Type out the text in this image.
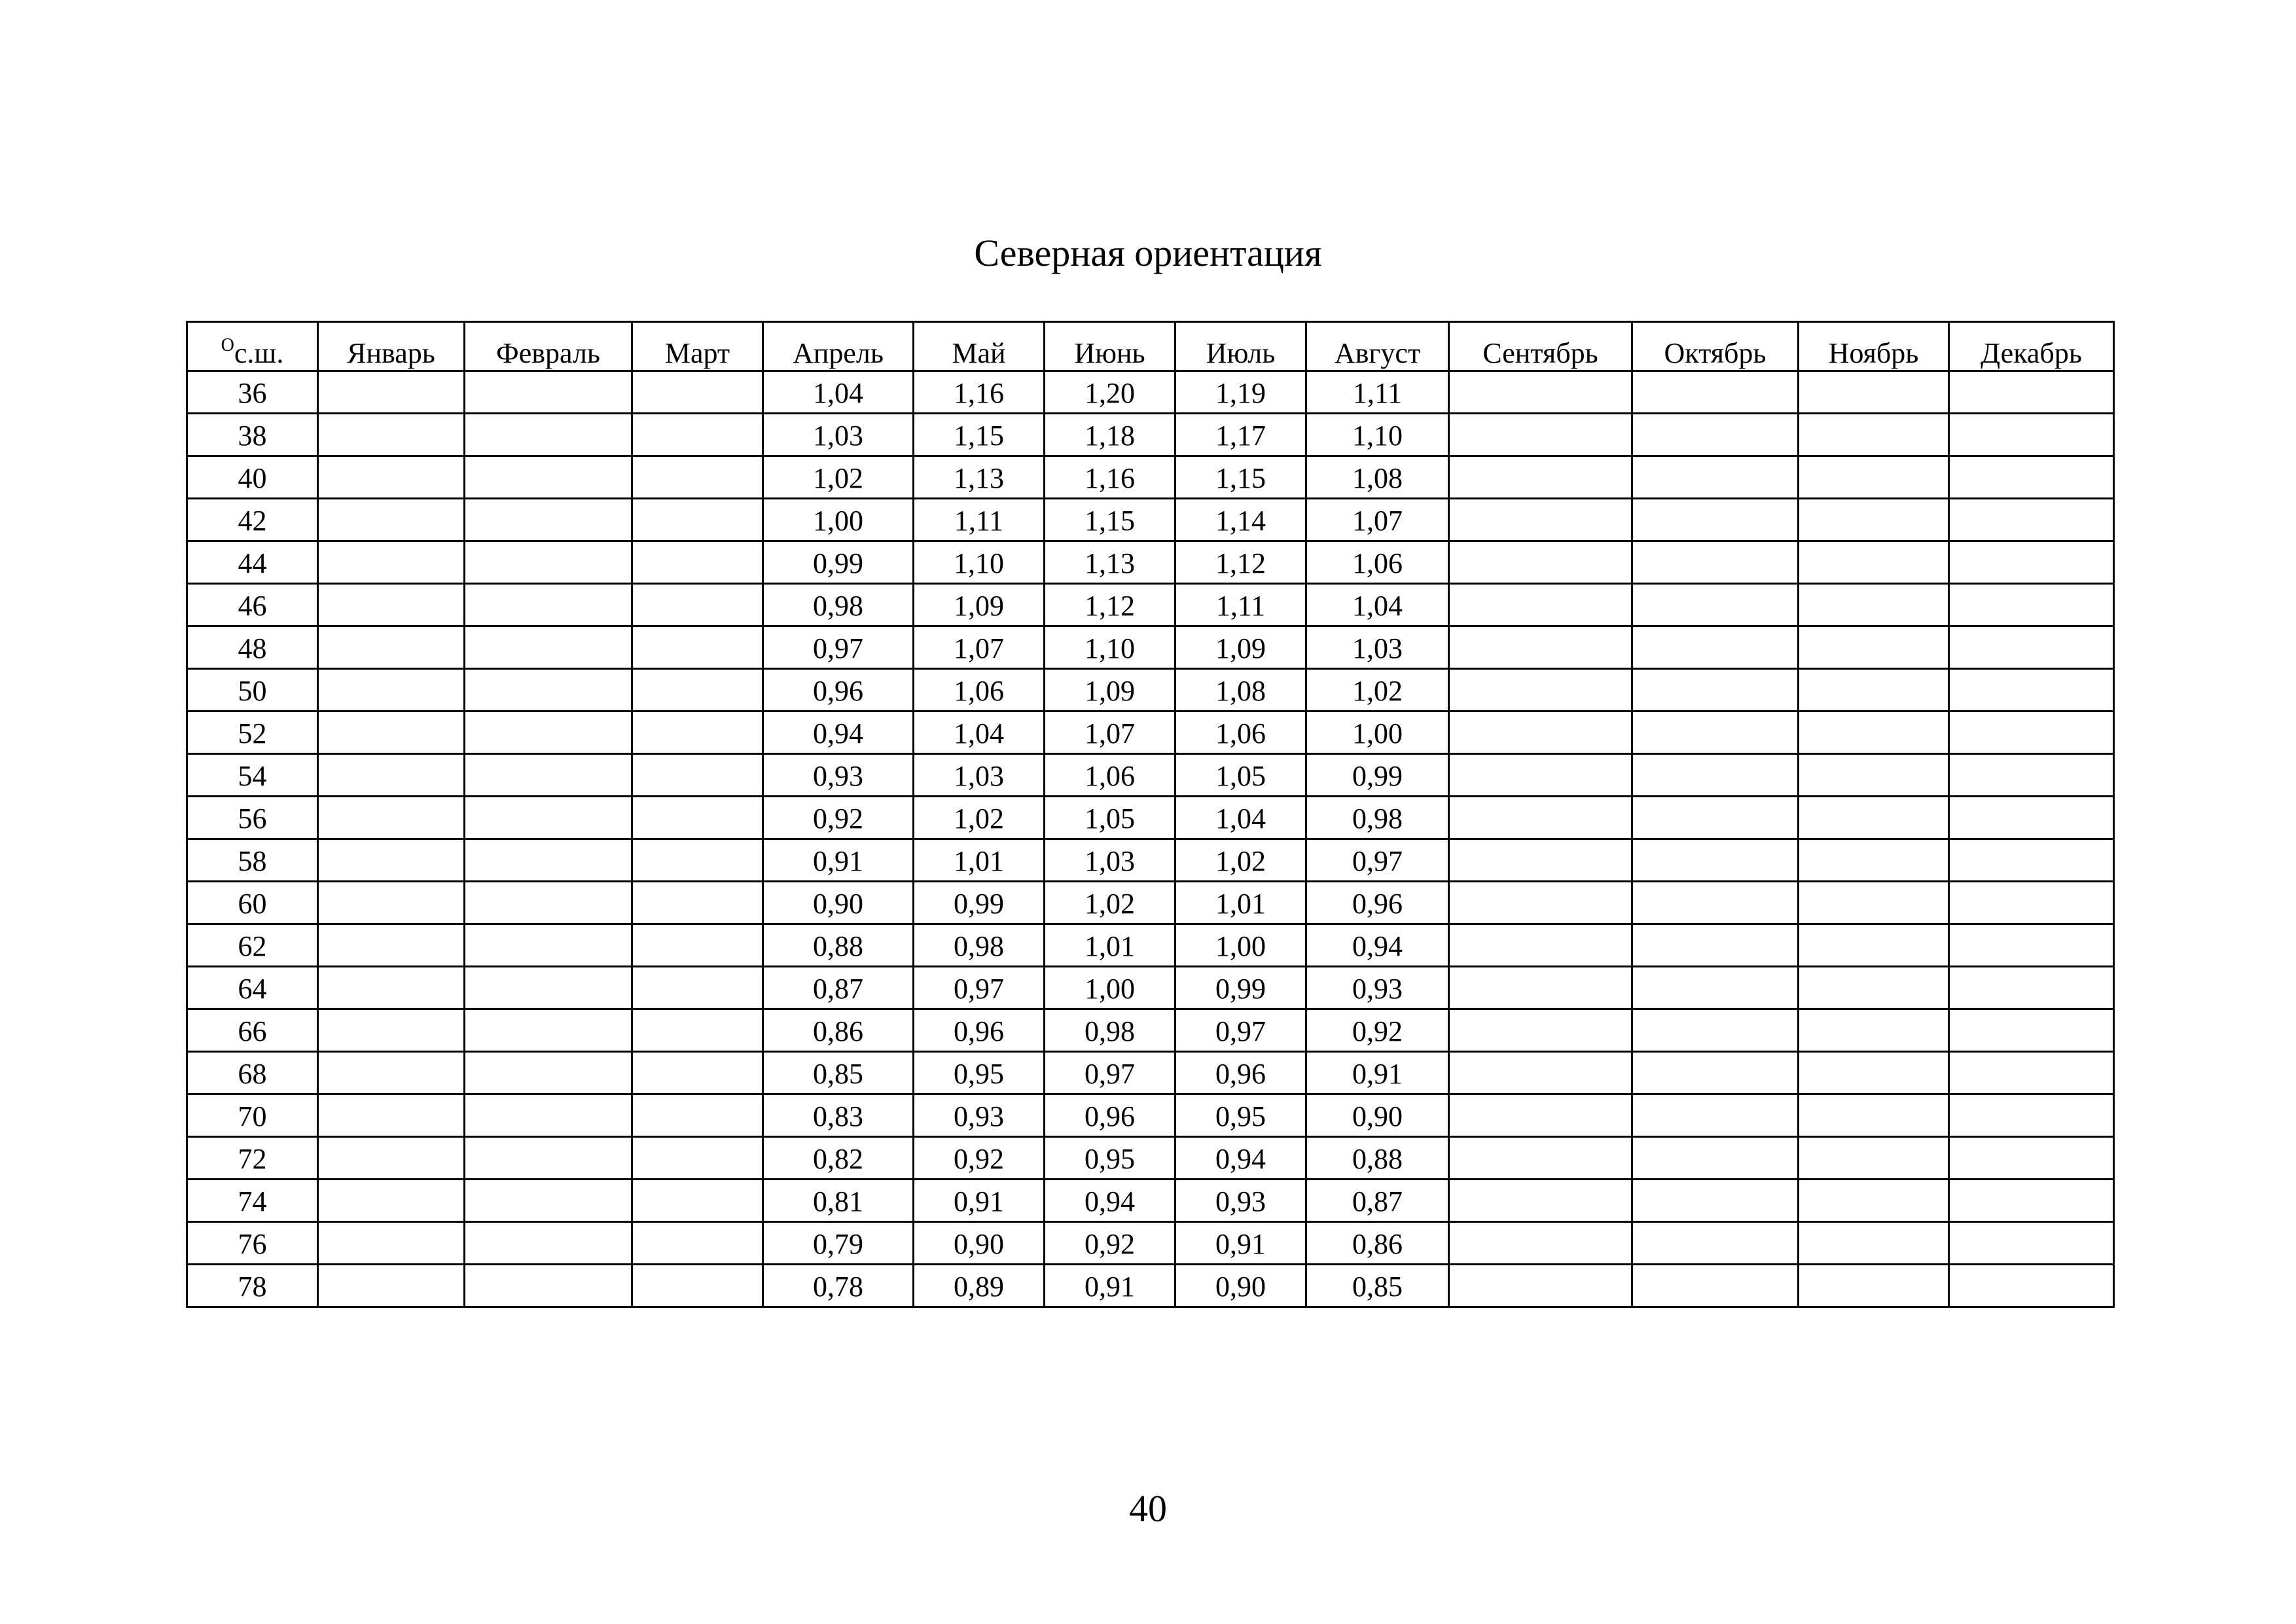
Северная ориентация
$^O$с.ш.	Январь	Февраль	Март	Апрель	Май	Июнь	Июль	Август	Сентябрь	Октябрь	Ноябрь	Декабрь
36				1,04	1,16	1,20	1,19	1,11				
38				1,03	1,15	1,18	1,17	1,10				
40				1,02	1,13	1,16	1,15	1,08				
42				1,00	1,11	1,15	1,14	1,07				
44				0,99	1,10	1,13	1,12	1,06				
46				0,98	1,09	1,12	1,11	1,04				
48				0,97	1,07	1,10	1,09	1,03				
50				0,96	1,06	1,09	1,08	1,02				
52				0,94	1,04	1,07	1,06	1,00				
54				0,93	1,03	1,06	1,05	0,99				
56				0,92	1,02	1,05	1,04	0,98				
58				0,91	1,01	1,03	1,02	0,97				
60				0,90	0,99	1,02	1,01	0,96				
62				0,88	0,98	1,01	1,00	0,94				
64				0,87	0,97	1,00	0,99	0,93				
66				0,86	0,96	0,98	0,97	0,92				
68				0,85	0,95	0,97	0,96	0,91				
70				0,83	0,93	0,96	0,95	0,90				
72				0,82	0,92	0,95	0,94	0,88				
74				0,81	0,91	0,94	0,93	0,87				
76				0,79	0,90	0,92	0,91	0,86				
78				0,78	0,89	0,91	0,90	0,85				
40
